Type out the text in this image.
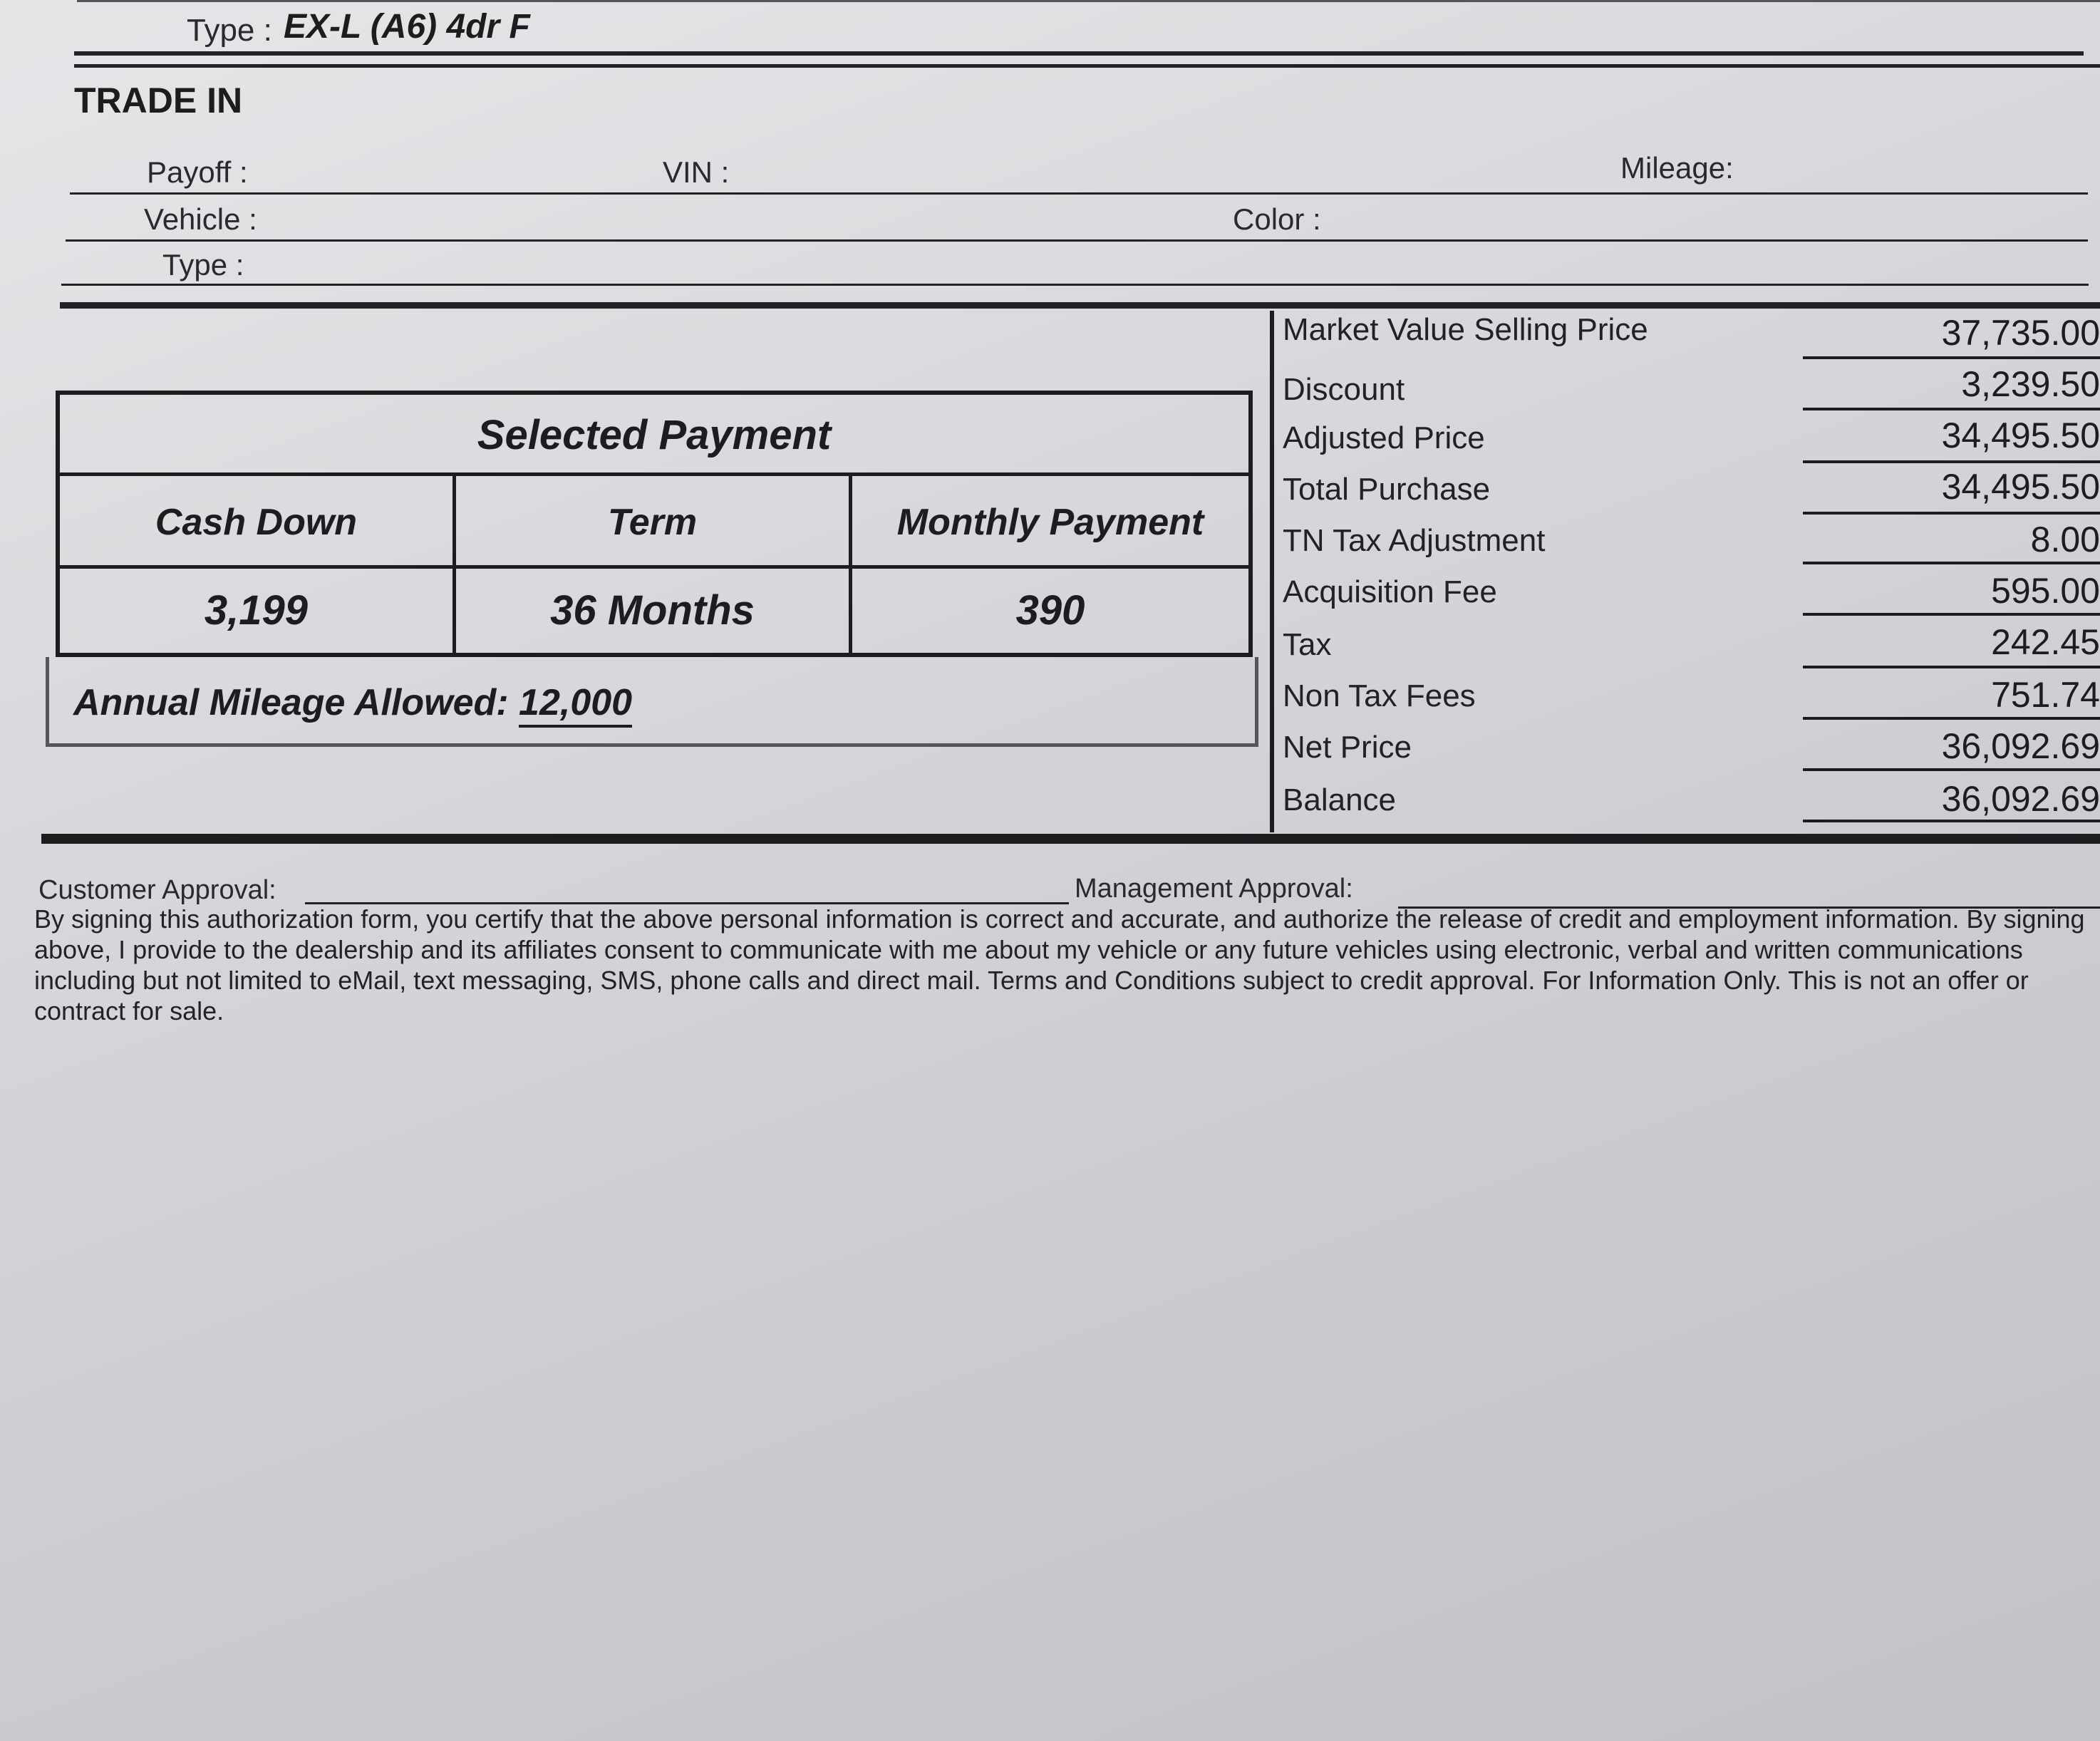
Type : EX-L (A6) 4dr F
TRADE IN
Payoff :	VIN :	Mileage:
Vehicle :	Color :
Type :
Selected Payment
Cash Down	Term	Monthly Payment
3,199	36 Months	390
Annual Mileage Allowed: 12,000
Market Value Selling Price	37,735.00
Discount	3,239.50
Adjusted Price	34,495.50
Total Purchase	34,495.50
TN Tax Adjustment	8.00
Acquisition Fee	595.00
Tax	242.45
Non Tax Fees	751.74
Net Price	36,092.69
Balance	36,092.69
Customer Approval:	Management Approval:
By signing this authorization form, you certify that the above personal information is correct and accurate, and authorize the release of credit and employment information. By signing above, I provide to the dealership and its affiliates consent to communicate with me about my vehicle or any future vehicles using electronic, verbal and written communications including but not limited to eMail, text messaging, SMS, phone calls and direct mail. Terms and Conditions subject to credit approval. For Information Only. This is not an offer or contract for sale.
